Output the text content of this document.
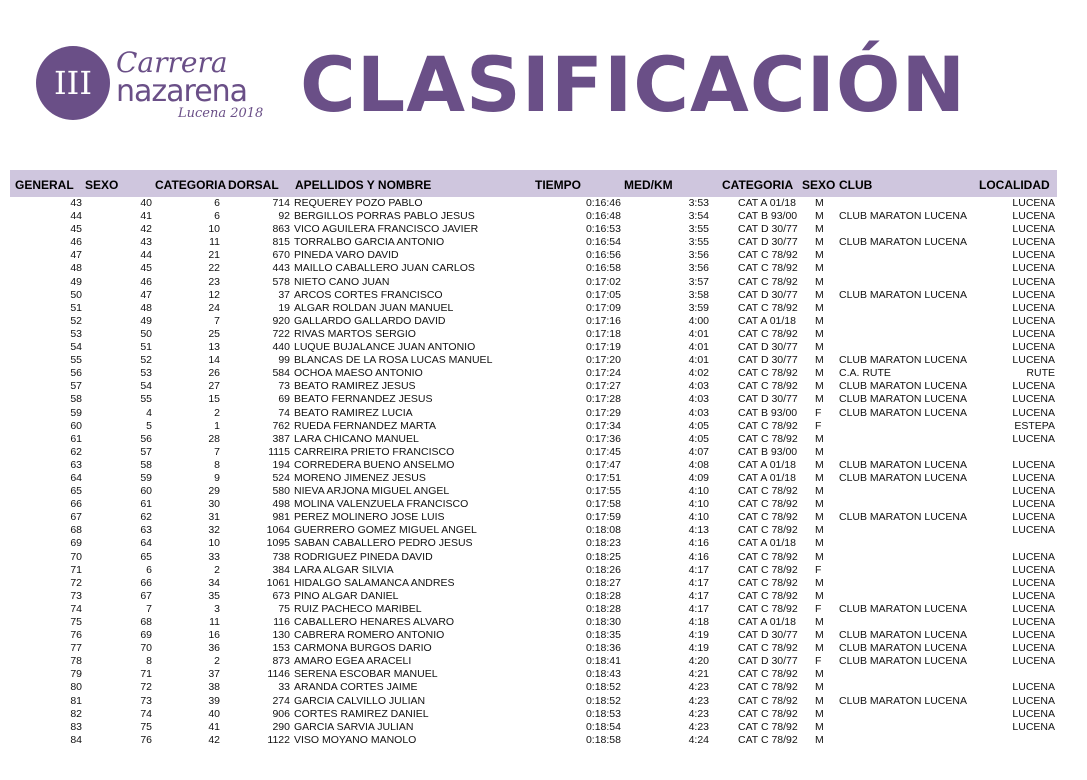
III
Carrera
nazarena
Lucena 2018 CLASIFICACIÓN
GENERAL SEXO	CATEGORIA DORSAL APELLIDOS Y NOMBRE	TIEMPO	MED/KM	CATEGORIA SEXO CLUB	LOCALIDAD
43	40	6	714 REQUEREY POZO PABLO	0:16:46	3:53	CAT A 01/18 M	LUCENA
44	41	6	92 BERGILLOS PORRAS PABLO JESUS	0:16:48	3:54	CAT B 93/00 M CLUB MARATON LUCENA	LUCENA
45	42	10	863 VICO AGUILERA FRANCISCO JAVIER	0:16:53	3:55	CAT D 30/77 M	LUCENA
46	43	11	815 TORRALBO GARCIA ANTONIO	0:16:54	3:55	CAT D 30/77 M CLUB MARATON LUCENA	LUCENA
47	44	21	670 PINEDA VARO DAVID	0:16:56	3:56	CAT C 78/92 M	LUCENA
48	45	22	443 MAILLO CABALLERO JUAN CARLOS	0:16:58	3:56	CAT C 78/92 M	LUCENA
49	46	23	578 NIETO CANO JUAN	0:17:02	3:57	CAT C 78/92 M	LUCENA
50	47	12	37 ARCOS CORTES FRANCISCO	0:17:05	3:58	CAT D 30/77 M CLUB MARATON LUCENA	LUCENA
51	48	24	19 ALGAR ROLDAN JUAN MANUEL	0:17:09	3:59	CAT C 78/92 M	LUCENA
52	49	7	920 GALLARDO GALLARDO DAVID	0:17:16	4:00	CAT A 01/18 M	LUCENA
53	50	25	722 RIVAS MARTOS SERGIO	0:17:18	4:01	CAT C 78/92 M	LUCENA
54	51	13	440 LUQUE BUJALANCE JUAN ANTONIO	0:17:19	4:01	CAT D 30/77 M	LUCENA
55	52	14	99 BLANCAS DE LA ROSA LUCAS MANUEL	0:17:20	4:01	CAT D 30/77 M CLUB MARATON LUCENA	LUCENA
56	53	26	584 OCHOA MAESO ANTONIO	0:17:24	4:02	CAT C 78/92 M C.A. RUTE	RUTE
57	54	27	73 BEATO RAMIREZ JESUS	0:17:27	4:03	CAT C 78/92 M CLUB MARATON LUCENA	LUCENA
58	55	15	69 BEATO FERNANDEZ JESUS	0:17:28	4:03	CAT D 30/77 M CLUB MARATON LUCENA	LUCENA
59	4	2	74 BEATO RAMIREZ LUCIA	0:17:29	4:03	CAT B 93/00 F CLUB MARATON LUCENA	LUCENA
60	5	1	762 RUEDA FERNANDEZ MARTA	0:17:34	4:05	CAT C 78/92 F	ESTEPA
61	56	28	387 LARA CHICANO MANUEL	0:17:36	4:05	CAT C 78/92 M	LUCENA
62	57	7	1115 CARREIRA PRIETO FRANCISCO	0:17:45	4:07	CAT B 93/00 M
63	58	8	194 CORREDERA BUENO ANSELMO	0:17:47	4:08	CAT A 01/18 M CLUB MARATON LUCENA	LUCENA
64	59	9	524 MORENO JIMENEZ JESUS	0:17:51	4:09	CAT A 01/18 M CLUB MARATON LUCENA	LUCENA
65	60	29	580 NIEVA ARJONA MIGUEL ANGEL	0:17:55	4:10	CAT C 78/92 M	LUCENA
66	61	30	498 MOLINA VALENZUELA FRANCISCO	0:17:58	4:10	CAT C 78/92 M	LUCENA
67	62	31	981 PEREZ MOLINERO JOSE LUIS	0:17:59	4:10	CAT C 78/92 M CLUB MARATON LUCENA	LUCENA
68	63	32	1064 GUERRERO GOMEZ MIGUEL ANGEL	0:18:08	4:13	CAT C 78/92 M	LUCENA
69	64	10	1095 SABAN CABALLERO PEDRO JESUS	0:18:23	4:16	CAT A 01/18 M
70	65	33	738 RODRIGUEZ PINEDA DAVID	0:18:25	4:16	CAT C 78/92 M	LUCENA
71	6	2	384 LARA ALGAR SILVIA	0:18:26	4:17	CAT C 78/92 F	LUCENA
72	66	34	1061 HIDALGO SALAMANCA ANDRES	0:18:27	4:17	CAT C 78/92 M	LUCENA
73	67	35	673 PINO ALGAR DANIEL	0:18:28	4:17	CAT C 78/92 M	LUCENA
74	7	3	75 RUIZ PACHECO MARIBEL	0:18:28	4:17	CAT C 78/92 F CLUB MARATON LUCENA	LUCENA
75	68	11	116 CABALLERO HENARES ALVARO	0:18:30	4:18	CAT A 01/18 M	LUCENA
76	69	16	130 CABRERA ROMERO ANTONIO	0:18:35	4:19	CAT D 30/77 M CLUB MARATON LUCENA	LUCENA
77	70	36	153 CARMONA BURGOS DARIO	0:18:36	4:19	CAT C 78/92 M CLUB MARATON LUCENA	LUCENA
78	8	2	873 AMARO EGEA ARACELI	0:18:41	4:20	CAT D 30/77 F CLUB MARATON LUCENA	LUCENA
79	71	37	1146 SERENA ESCOBAR MANUEL	0:18:43	4:21	CAT C 78/92 M
80	72	38	33 ARANDA CORTES JAIME	0:18:52	4:23	CAT C 78/92 M	LUCENA
81	73	39	274 GARCIA CALVILLO JULIAN	0:18:52	4:23	CAT C 78/92 M CLUB MARATON LUCENA	LUCENA
82	74	40	906 CORTES RAMIREZ DANIEL	0:18:53	4:23	CAT C 78/92 M	LUCENA
83	75	41	290 GARCIA SARVIA JULIAN	0:18:54	4:23	CAT C 78/92 M	LUCENA
84	76	42	1122 VISO MOYANO MANOLO	0:18:58	4:24	CAT C 78/92 M
